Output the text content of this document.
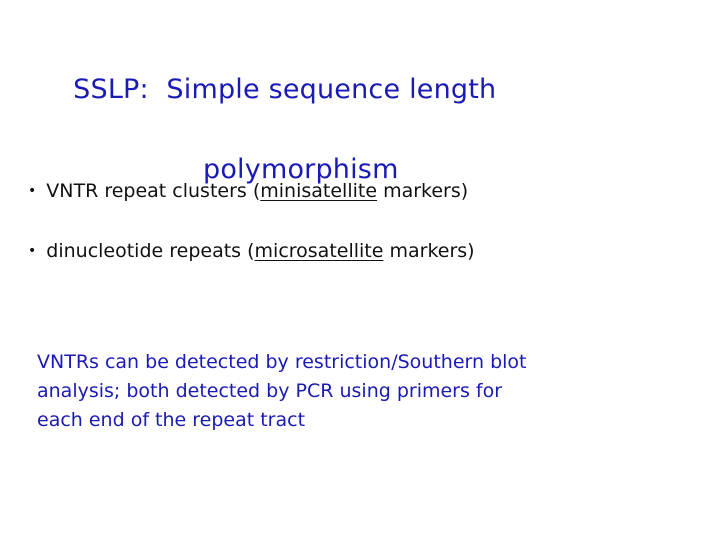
SSLP:  Simple sequence length

polymorphism

• VNTR repeat clusters (minisatellite markers)
• dinucleotide repeats (microsatellite markers)
VNTRs can be detected by restriction/Southern blot
analysis; both detected by PCR using primers for
each end of the repeat tract
